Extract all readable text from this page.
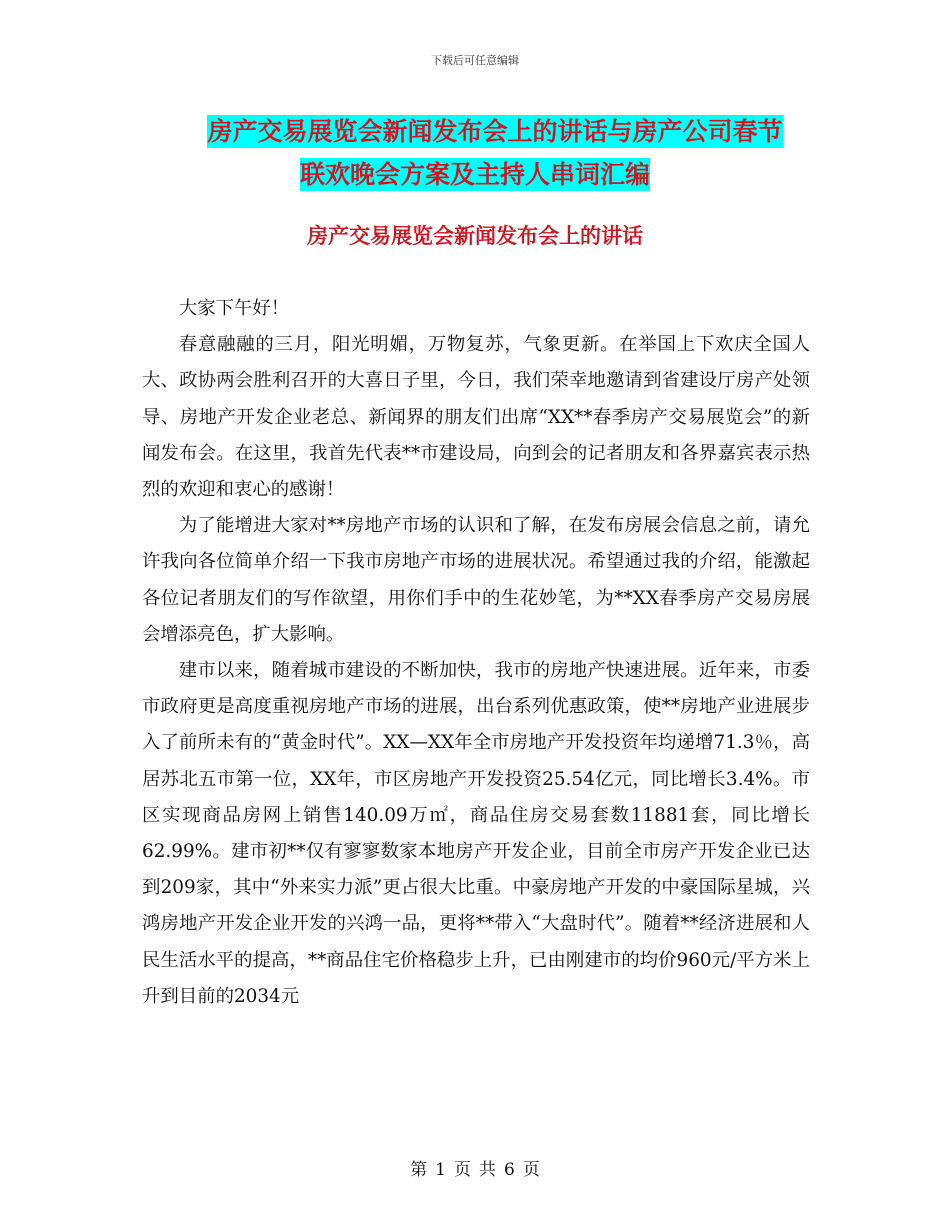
下载后可任意编辑
房产交易展览会新闻发布会上的讲话与房产公司春节
联欢晚会方案及主持人串词汇编
房产交易展览会新闻发布会上的讲话

大家下午好！

春意融融的三月，阳光明媚，万物复苏，气象更新。在举国上下欢庆全国人大、政协两会胜利召开的大喜日子里，今日，我们荣幸地邀请到省建设厅房产处领导、房地产开发企业老总、新闻界的朋友们出席“XX**春季房产交易展览会”的新闻发布会。在这里，我首先代表**市建设局，向到会的记者朋友和各界嘉宾表示热烈的欢迎和衷心的感谢！

为了能增进大家对**房地产市场的认识和了解，在发布房展会信息之前，请允许我向各位简单介绍一下我市房地产市场的进展状况。希望通过我的介绍，能激起各位记者朋友们的写作欲望，用你们手中的生花妙笔，为**XX春季房产交易房展会增添亮色，扩大影响。

建市以来，随着城市建设的不断加快，我市的房地产快速进展。近年来，市委市政府更是高度重视房地产市场的进展，出台系列优惠政策，使**房地产业进展步入了前所未有的“黄金时代”。XX—XX年全市房地产开发投资年均递增71.3％，高居苏北五市第一位，XX年，市区房地产开发投资25.54亿元，同比增长3.4%。市区实现商品房网上销售140.09万㎡，商品住房交易套数11881套，同比增长62.99%。建市初**仅有寥寥数家本地房产开发企业，目前全市房产开发企业已达到209家，其中“外来实力派”更占很大比重。中豪房地产开发的中豪国际星城，兴鸿房地产开发企业开发的兴鸿一品，更将**带入“大盘时代”。随着**经济进展和人民生活水平的提高，**商品住宅价格稳步上升，已由刚建市的均价960元/平方米上升到目前的2034元

第 1 页 共 6 页
